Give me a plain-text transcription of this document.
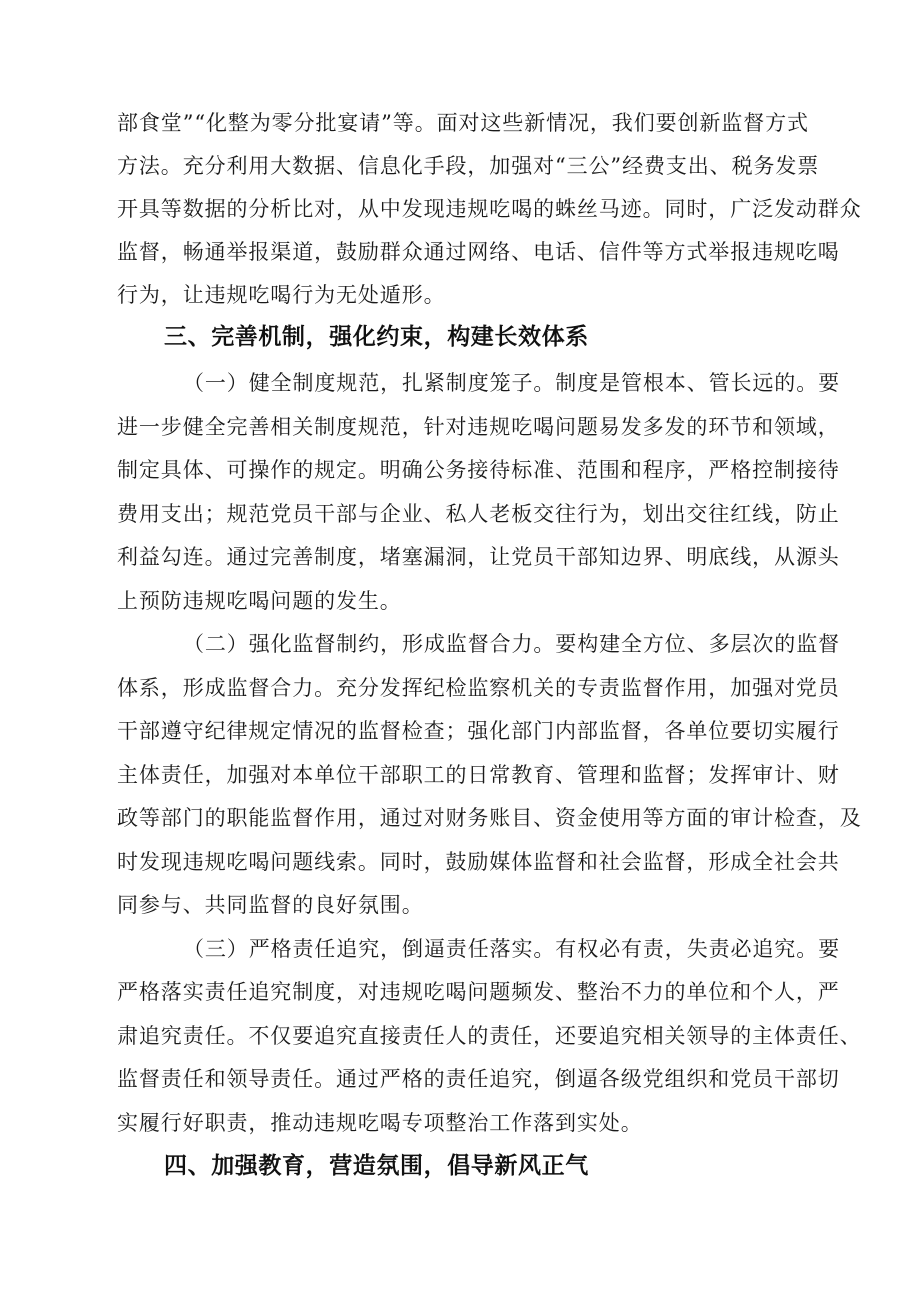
部食堂”“化整为零分批宴请”等。面对这些新情况，我们要创新监督方式

方法。充分利用大数据、信息化手段，加强对“三公”经费支出、税务发票

开具等数据的分析比对，从中发现违规吃喝的蛛丝马迹。同时，广泛发动群众

监督，畅通举报渠道，鼓励群众通过网络、电话、信件等方式举报违规吃喝

行为，让违规吃喝行为无处遁形。

三、完善机制，强化约束，构建长效体系

（一）健全制度规范，扎紧制度笼子。制度是管根本、管长远的。要

进一步健全完善相关制度规范，针对违规吃喝问题易发多发的环节和领域，

制定具体、可操作的规定。明确公务接待标准、范围和程序，严格控制接待

费用支出；规范党员干部与企业、私人老板交往行为，划出交往红线，防止

利益勾连。通过完善制度，堵塞漏洞，让党员干部知边界、明底线，从源头

上预防违规吃喝问题的发生。

（二）强化监督制约，形成监督合力。要构建全方位、多层次的监督

体系，形成监督合力。充分发挥纪检监察机关的专责监督作用，加强对党员

干部遵守纪律规定情况的监督检查；强化部门内部监督，各单位要切实履行

主体责任，加强对本单位干部职工的日常教育、管理和监督；发挥审计、财

政等部门的职能监督作用，通过对财务账目、资金使用等方面的审计检查，及

时发现违规吃喝问题线索。同时，鼓励媒体监督和社会监督，形成全社会共

同参与、共同监督的良好氛围。

（三）严格责任追究，倒逼责任落实。有权必有责，失责必追究。要

严格落实责任追究制度，对违规吃喝问题频发、整治不力的单位和个人，严

肃追究责任。不仅要追究直接责任人的责任，还要追究相关领导的主体责任、

监督责任和领导责任。通过严格的责任追究，倒逼各级党组织和党员干部切

实履行好职责，推动违规吃喝专项整治工作落到实处。

四、加强教育，营造氛围，倡导新风正气
